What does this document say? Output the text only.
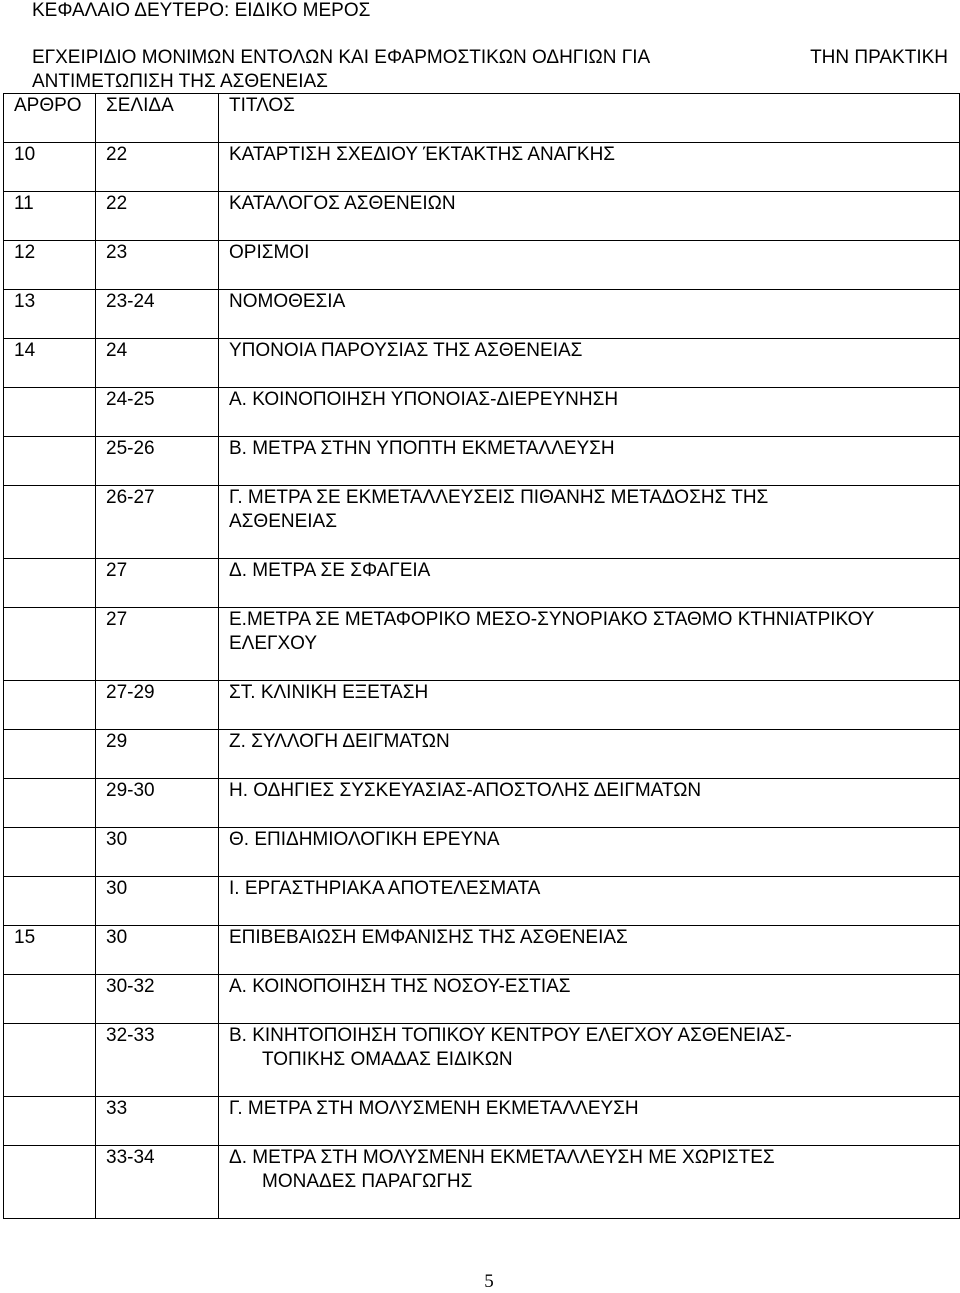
ΚΕΦΑΛΑΙΟ ΔΕΥΤΕΡΟ: ΕΙΔΙΚΟ ΜΕΡΟΣ
ΕΓΧΕΙΡΙΔΙΟ ΜΟΝΙΜΩΝ ΕΝΤΟΛΩΝ ΚΑΙ ΕΦΑΡΜΟΣΤΙΚΩΝ ΟΔΗΓΙΩΝ ΓΙΑ	ΤΗΝ ΠΡΑΚΤΙΚΗ
ΑΝΤΙΜΕΤΩΠΙΣΗ ΤΗΣ ΑΣΘΕΝΕΙΑΣ
ΑΡΘΡΟ	ΣΕΛΙΔΑ	ΤΙΤΛΟΣ
10	22	ΚΑΤΑΡΤΙΣΗ ΣΧΕΔΙΟΥ ΈΚΤΑΚΤΗΣ ΑΝΑΓΚΗΣ

11	22	ΚΑΤΑΛΟΓΟΣ ΑΣΘΕΝΕΙΩΝ

12	23	ΟΡΙΣΜΟΙ

13	23-24	ΝΟΜΟΘΕΣΙΑ

14	24	ΥΠΟΝΟΙΑ ΠΑΡΟΥΣΙΑΣ ΤΗΣ ΑΣΘΕΝΕΙΑΣ

	24-25	Α. ΚΟΙΝΟΠΟΙΗΣΗ ΥΠΟΝΟΙΑΣ-ΔΙΕΡΕΥΝΗΣΗ

	25-26	Β. ΜΕΤΡΑ ΣΤΗΝ ΥΠΟΠΤΗ ΕΚΜΕΤΑΛΛΕΥΣΗ

	26-27	Γ. ΜΕΤΡΑ ΣΕ ΕΚΜΕΤΑΛΛΕΥΣΕΙΣ ΠΙΘΑΝΗΣ ΜΕΤΑΔΟΣΗΣ ΤΗΣ
ΑΣΘΕΝΕΙΑΣ

	27	Δ. ΜΕΤΡΑ ΣΕ ΣΦΑΓΕΙΑ

	27	Ε.ΜΕΤΡΑ ΣΕ ΜΕΤΑΦΟΡΙΚΟ ΜΕΣΟ-ΣΥΝΟΡΙΑΚΟ ΣΤΑΘΜΟ ΚΤΗΝΙΑΤΡΙΚΟΥ
ΕΛΕΓΧΟΥ

	27-29	ΣΤ. ΚΛΙΝΙΚΗ ΕΞΕΤΑΣΗ

	29	Ζ. ΣΥΛΛΟΓΗ ΔΕΙΓΜΑΤΩΝ

	29-30	Η. ΟΔΗΓΙΕΣ ΣΥΣΚΕΥΑΣΙΑΣ-ΑΠΟΣΤΟΛΗΣ ΔΕΙΓΜΑΤΩΝ

	30	Θ. ΕΠΙΔΗΜΙΟΛΟΓΙΚΗ ΕΡΕΥΝΑ

	30	Ι. ΕΡΓΑΣΤΗΡΙΑΚΑ ΑΠΟΤΕΛΕΣΜΑΤΑ

15	30	ΕΠΙΒΕΒΑΙΩΣΗ ΕΜΦΑΝΙΣΗΣ ΤΗΣ ΑΣΘΕΝΕΙΑΣ

	30-32	Α. ΚΟΙΝΟΠΟΙΗΣΗ ΤΗΣ ΝΟΣΟΥ-ΕΣΤΙΑΣ

	32-33	Β. ΚΙΝΗΤΟΠΟΙΗΣΗ ΤΟΠΙΚΟΥ ΚΕΝΤΡΟΥ ΕΛΕΓΧΟΥ ΑΣΘΕΝΕΙΑΣ-
ΤΟΠΙΚΗΣ ΟΜΑΔΑΣ ΕΙΔΙΚΩΝ

	33	Γ. ΜΕΤΡΑ ΣΤΗ ΜΟΛΥΣΜΕΝΗ ΕΚΜΕΤΑΛΛΕΥΣΗ

	33-34	Δ. ΜΕΤΡΑ ΣΤΗ ΜΟΛΥΣΜΕΝΗ ΕΚΜΕΤΑΛΛΕΥΣΗ ΜΕ ΧΩΡΙΣΤΕΣ
ΜΟΝΑΔΕΣ ΠΑΡΑΓΩΓΗΣ
5
